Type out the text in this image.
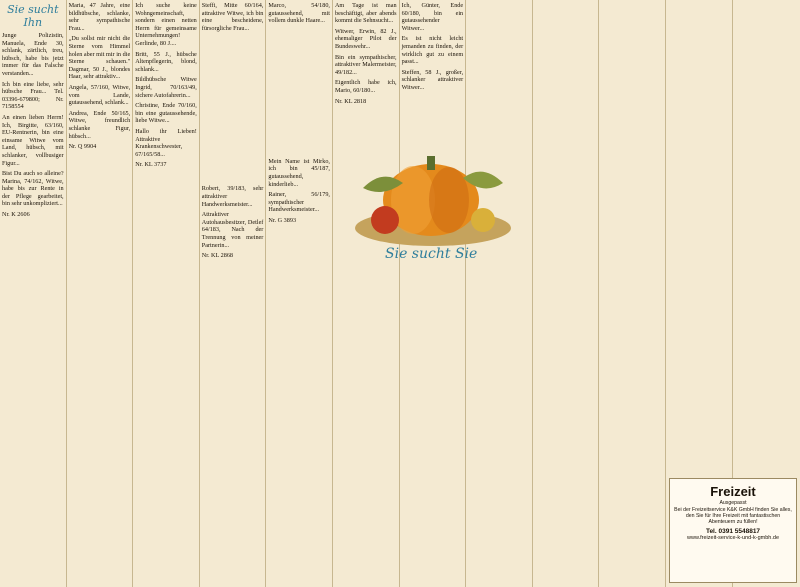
Sie sucht Ihn
Junge Polizistin, Manuela, Ende 30, schlank, zärtlich, treu, hübsch, habe bis jetzt immer für das Falsche verstanden...
Ich bin eine liebe, sehr hübsche Frau... Tel. 03396-679800; Nr. 7158554
An einen lieben Herrn! Ich, Birgitte, 63/160, EU-Rentnerin, bin eine einsame Witwe vom Land, hübsch, mit schlanker, vollbusiger Figur...
Bist Du auch so alleine? Marina, 74/162, Witwe, habe bis zur Rente in der Pflege gearbeitet, bin sehr unkompliziert...
Nr. K 2606
Maria, 47 Jahre, eine bildhübsche, schlanke, sehr sympathische Frau...
„Du sollst mir nicht die Sterne vom Himmel holen aber mit mir in die Sterne schauen." Dagmar, 50 J., blondes Haar, sehr attraktiv...
Angela, 57/160, Witwe, vom Lande, gutaussehend, schlank...
Andrea, Ende 50/165, Witwe, freundlich schlanke Figur, hübsch...
Nr. Q 9904
Ich suche keine Wohngemeinschaft, sondern einen netten Herrn für gemeinsame Unternehmungen! Gerlinde, 80 J....
Britt, 55 J., hübsche Altenpflegerin, blond, schlank...
Bildhübsche Witwe Ingrid, 70/163/49, sichere Autofahrerin...
Christine, Ende 70/160, bin eine gutaussehende, liebe Witwe...
Hallo ihr Lieben! Attraktive Krankenschwester, 67/165/58...
Nr. KL 3737
Steffi, Mitte 60/164, attraktive Witwe, ich bin eine bescheidene, fürsorgliche Frau...
Robert, 39/183, sehr attraktiver Handwerksmeister...
Attraktiver Autohausbesitzer, Detlef 64/183, Nach der Trennung von meiner Partnerin...
Nr. KL 2868
Marco, 54/180, gutaussehend, mit vollem dunkle Haare...
Mein Name ist Mirko, ich bin 45/187, gutaussehend, kinderlieb...
Rainer, 56/179, sympathischer Handwerksmeister...
Nr. G 3893
Am Tage ist man beschäftigt, aber abends kommt die Sehnsucht...
Witwer, Erwin, 82 J., ehemaliger Pilot der Bundeswehr...
Bin ein sympathischer, attraktiver Malermeister, 49/182...
Eigentlich habe ich, Mario, 60/180...
Nr. KL 2818
Ich, Günter, Ende 60/180, bin ein gutaussehender Witwer...
Es ist nicht leicht jemanden zu finden, der wirklich gut zu einem passt...
Steffen, 58 J., großer, schlanker attraktiver Witwer...
Sie sucht Sie
Freizeit
Ausgepasst
Bei der Freizeitservice K&K GmbH finden Sie alles, den Sie für Ihre Freizeit mit fantastischen Abenteuern zu füllen!
Tel. 0391 5548817
www.freizeit-service-k-und-k-gmbh.de
